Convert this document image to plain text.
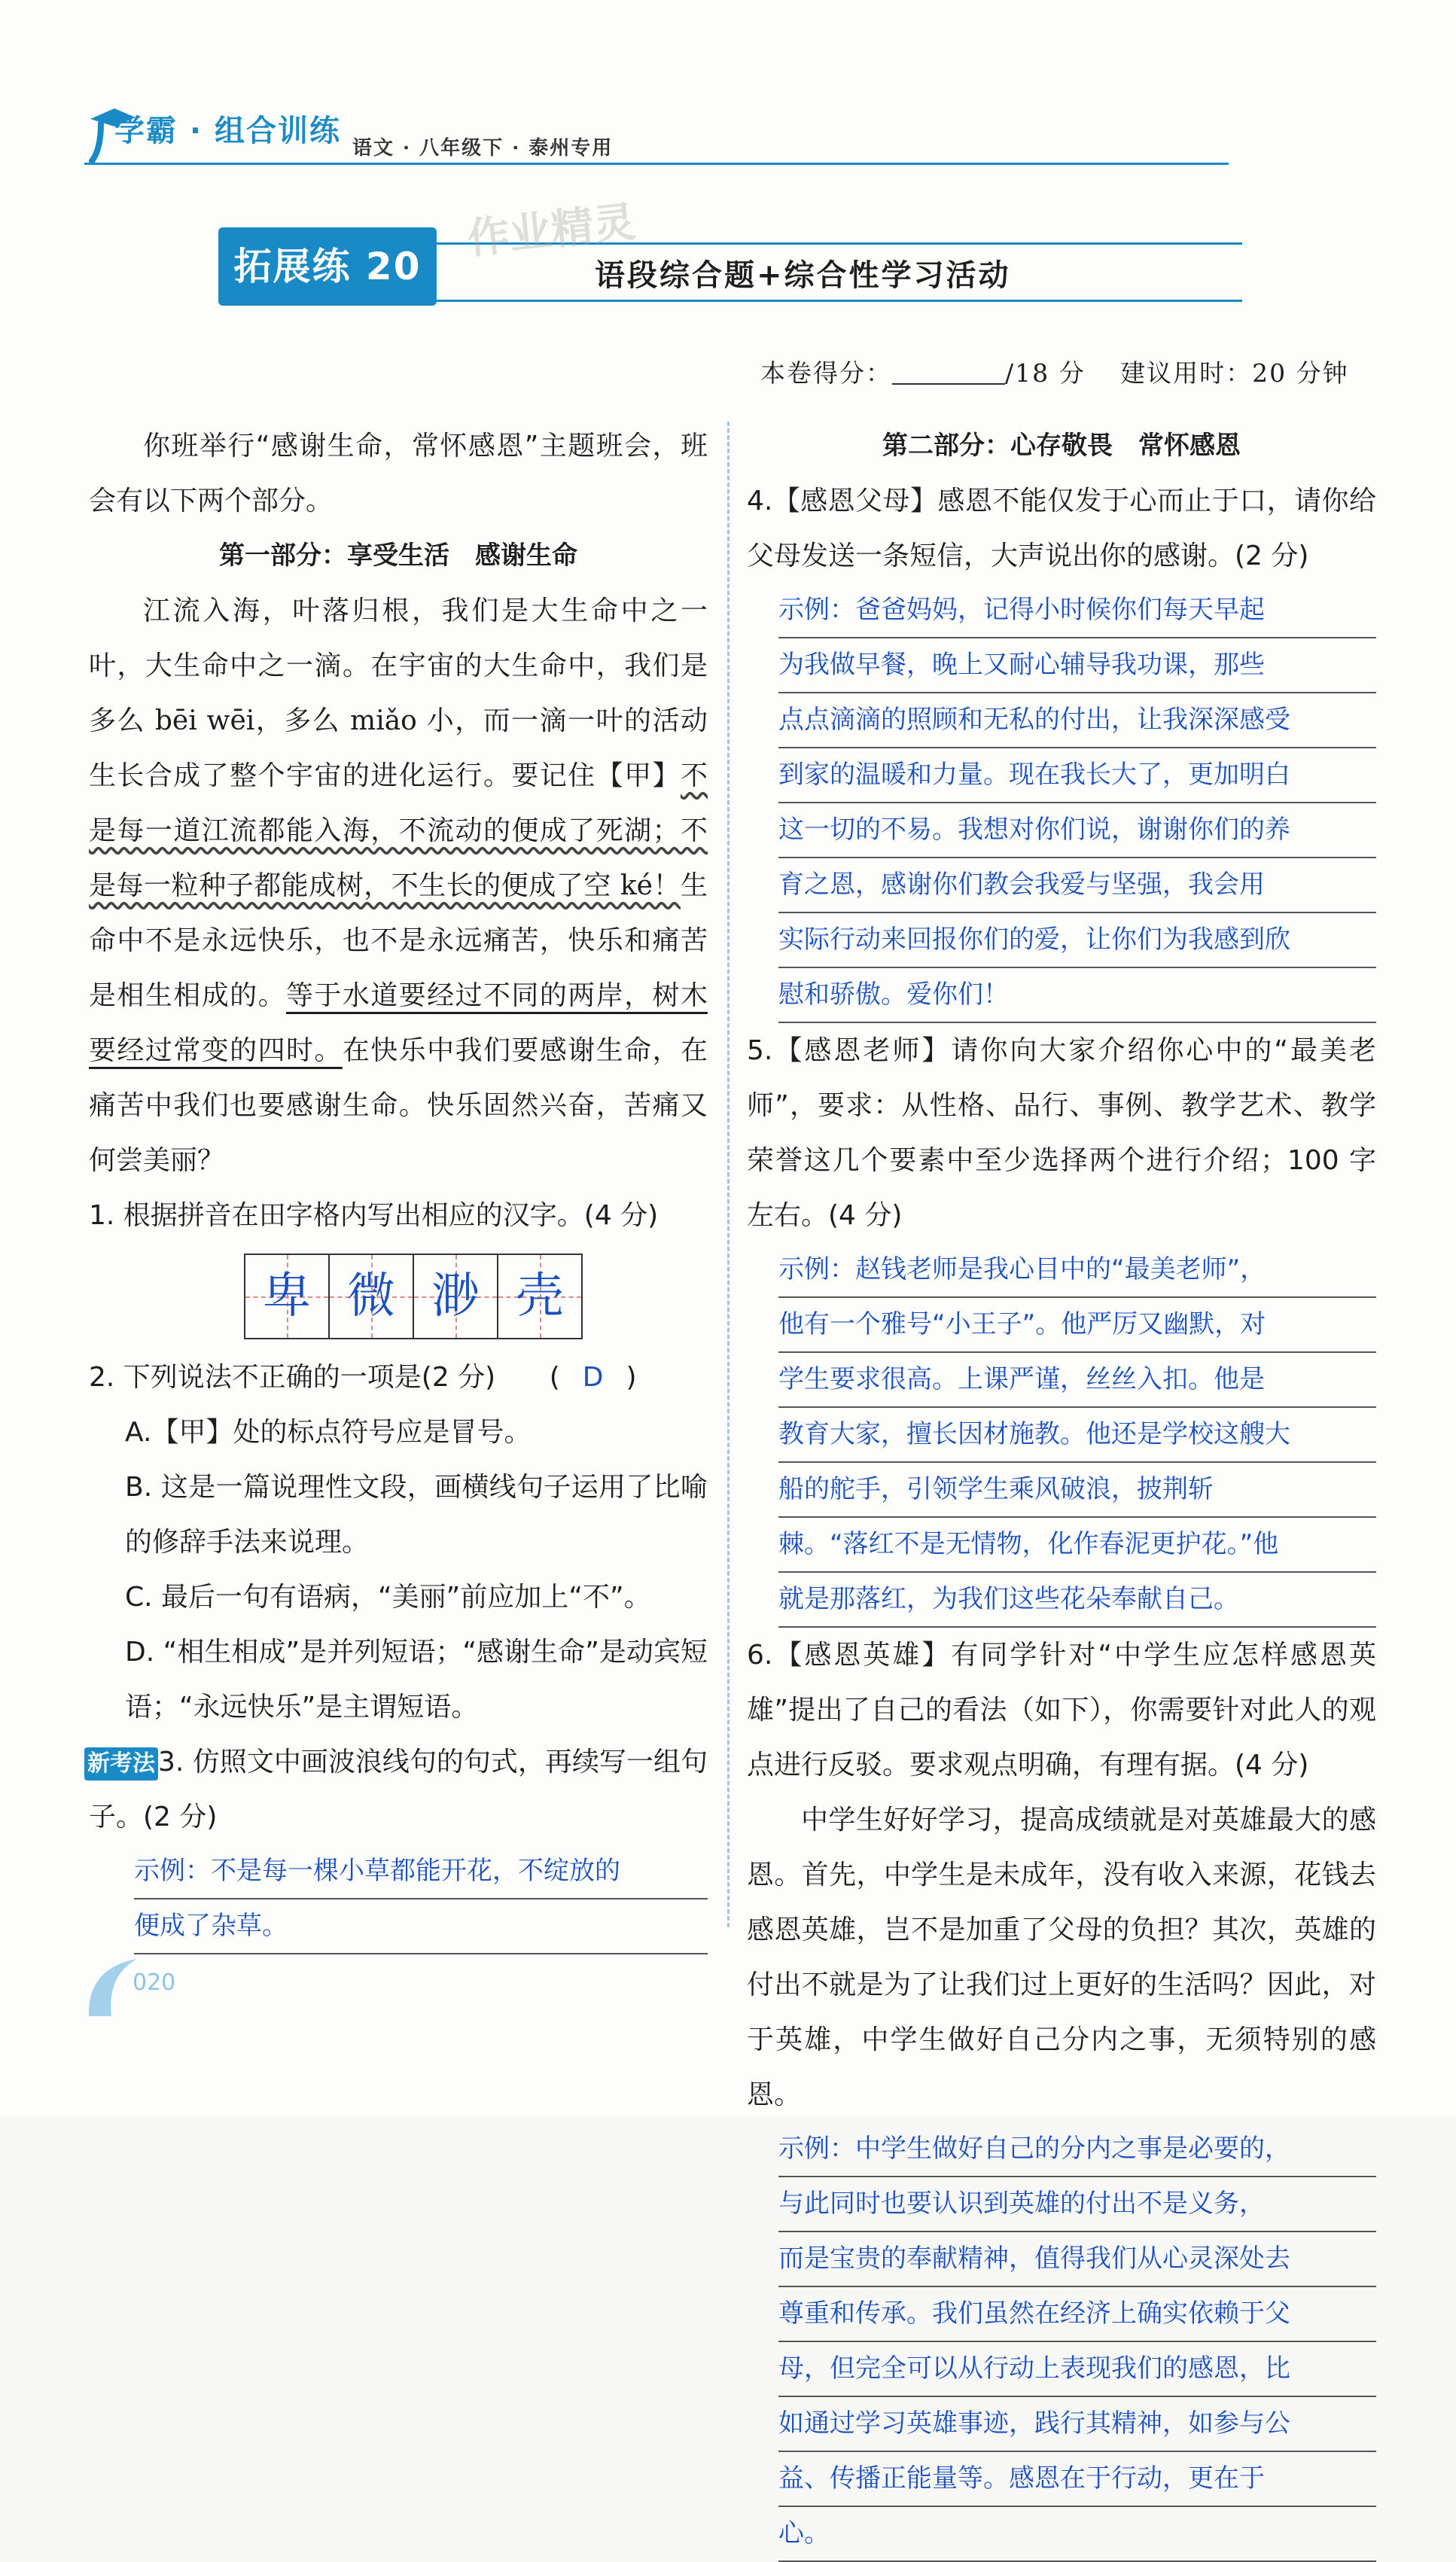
学霸 · 组合训练 语文 · 八年级下 · 泰州专用
拓展练 20
作业精灵
语段综合题+综合性学习活动
本卷得分：	/18 分 建议用时：20 分钟

你班举行“感谢生命，常怀感恩”主题班会，班会有以下两个部分。

第一部分：享受生活　感谢生命

江流入海，叶落归根，我们是大生命中之一叶，大生命中之一滴。在宇宙的大生命中，我们是多么 bēi wēi，多么 miǎo 小，而一滴一叶的活动生长合成了整个宇宙的进化运行。要记住【甲】不是每一道江流都能入海，不流动的便成了死湖；不是每一粒种子都能成树，不生长的便成了空 ké！生命中不是永远快乐，也不是永远痛苦，快乐和痛苦是相生相成的。等于水道要经过不同的两岸，树木要经过常变的四时。在快乐中我们要感谢生命，在痛苦中我们也要感谢生命。快乐固然兴奋，苦痛又何尝美丽？

1. 根据拼音在田字格内写出相应的汉字。(4 分)

卑 微 渺 壳

2. 下列说法不正确的一项是(2 分) ( D )

A.【甲】处的标点符号应是冒号。

B. 这是一篇说理性文段，画横线句子运用了比喻的修辞手法来说理。

C. 最后一句有语病，“美丽”前应加上“不”。

D. “相生相成”是并列短语；“感谢生命”是动宾短语；“永远快乐”是主谓短语。

新考法 3. 仿照文中画波浪线句的句式，再续写一组句子。(2 分)

示例：不是每一棵小草都能开花，不绽放的
便成了杂草。

第二部分：心存敬畏　常怀感恩

4.【感恩父母】感恩不能仅发于心而止于口，请你给父母发送一条短信，大声说出你的感谢。(2 分)

示例：爸爸妈妈，记得小时候你们每天早起
为我做早餐，晚上又耐心辅导我功课，那些
点点滴滴的照顾和无私的付出，让我深深感受
到家的温暖和力量。现在我长大了，更加明白
这一切的不易。我想对你们说，谢谢你们的养
育之恩，感谢你们教会我爱与坚强，我会用
实际行动来回报你们的爱，让你们为我感到欣
慰和骄傲。爱你们！

5.【感恩老师】请你向大家介绍你心中的“最美老师”，要求：从性格、品行、事例、教学艺术、教学荣誉这几个要素中至少选择两个进行介绍；100 字左右。(4 分)

示例：赵钱老师是我心目中的“最美老师”，
他有一个雅号“小王子”。他严厉又幽默，对
学生要求很高。上课严谨，丝丝入扣。他是
教育大家，擅长因材施教。他还是学校这艘大
船的舵手，引领学生乘风破浪，披荆斩
棘。“落红不是无情物，化作春泥更护花。”他
就是那落红，为我们这些花朵奉献自己。

6.【感恩英雄】有同学针对“中学生应怎样感恩英雄”提出了自己的看法（如下），你需要针对此人的观点进行反驳。要求观点明确，有理有据。(4 分)

中学生好好学习，提高成绩就是对英雄最大的感恩。首先，中学生是未成年，没有收入来源，花钱去感恩英雄，岂不是加重了父母的负担？其次，英雄的付出不就是为了让我们过上更好的生活吗？因此，对于英雄，中学生做好自己分内之事，无须特别的感恩。

示例：中学生做好自己的分内之事是必要的，
与此同时也要认识到英雄的付出不是义务，
而是宝贵的奉献精神，值得我们从心灵深处去
尊重和传承。我们虽然在经济上确实依赖于父
母，但完全可以从行动上表现我们的感恩，比
如通过学习英雄事迹，践行其精神，如参与公
益、传播正能量等。感恩在于行动，更在于
心。
020
